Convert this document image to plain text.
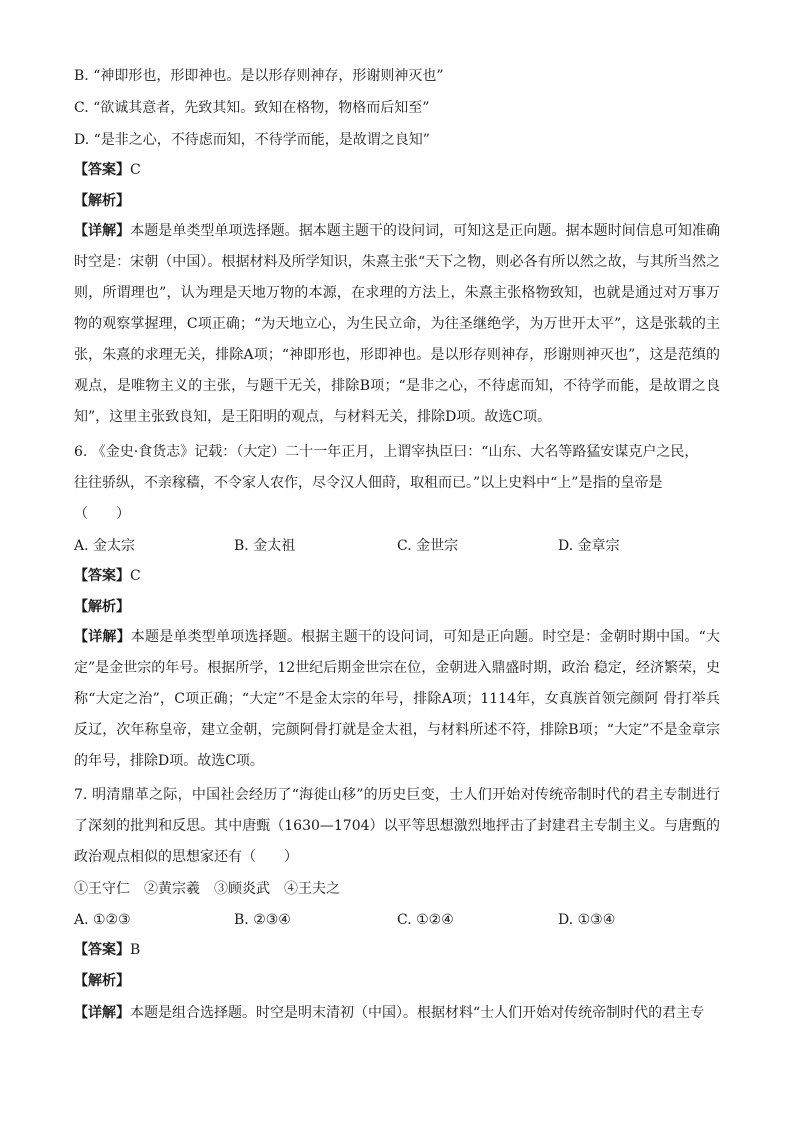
B. “神即形也，形即神也。是以形存则神存，形谢则神灭也”
C. “欲诚其意者，先致其知。致知在格物，物格而后知至”
D. “是非之心，不待虑而知，不待学而能，是故谓之良知”
【答案】C
【解析】
【详解】本题是单类型单项选择题。据本题主题干的设问词，可知这是正向题。据本题时间信息可知准确时空是：宋朝（中国）。根据材料及所学知识，朱熹主张“天下之物，则必各有所以然之故，与其所当然之则，所谓理也”，认为理是天地万物的本源，在求理的方法上，朱熹主张格物致知，也就是通过对万事万物的观察掌握理，C项正确；“为天地立心，为生民立命，为往圣继绝学，为万世开太平”，这是张载的主张，朱熹的求理无关，排除A项；“神即形也，形即神也。是以形存则神存，形谢则神灭也”，这是范缜的观点，是唯物主义的主张，与题干无关，排除B项；“是非之心，不待虑而知，不待学而能，是故谓之良知”，这里主张致良知，是王阳明的观点，与材料无关，排除D项。故选C项。
6. 《金史·食货志》记载：（大定）二十一年正月，上谓宰执臣曰：“山东、大名等路猛安谋克户之民，
往往骄纵，不亲稼穑，不令家人农作，尽令汉人佃莳，取租而已。”以上史料中“上”是指的皇帝是
（　　）
A. 金太宗	B. 金太祖	C. 金世宗	D. 金章宗
【答案】C
【解析】
【详解】本题是单类型单项选择题。根据主题干的设问词，可知是正向题。时空是：金朝时期中国。“大定”是金世宗的年号。根据所学，12世纪后期金世宗在位，金朝进入鼎盛时期，政治 稳定，经济繁荣，史称“大定之治”，C项正确；“大定”不是金太宗的年号，排除A项；1114年，女真族首领完颜阿 骨打举兵反辽，次年称皇帝，建立金朝，完颜阿骨打就是金太祖，与材料所述不符，排除B项；“大定”不是金章宗的年号，排除D项。故选C项。
7. 明清鼎革之际，中国社会经历了“海徙山移”的历史巨变，士人们开始对传统帝制时代的君主专制进行了深刻的批判和反思。其中唐甄（1630—1704）以平等思想激烈地抨击了封建君主专制主义。与唐甄的政治观点相似的思想家还有（　　）
①王守仁　②黄宗羲　③顾炎武　④王夫之
A. ①②③	B. ②③④	C. ①②④	D. ①③④
【答案】B
【解析】
【详解】本题是组合选择题。时空是明末清初（中国）。根据材料“士人们开始对传统帝制时代的君主专
